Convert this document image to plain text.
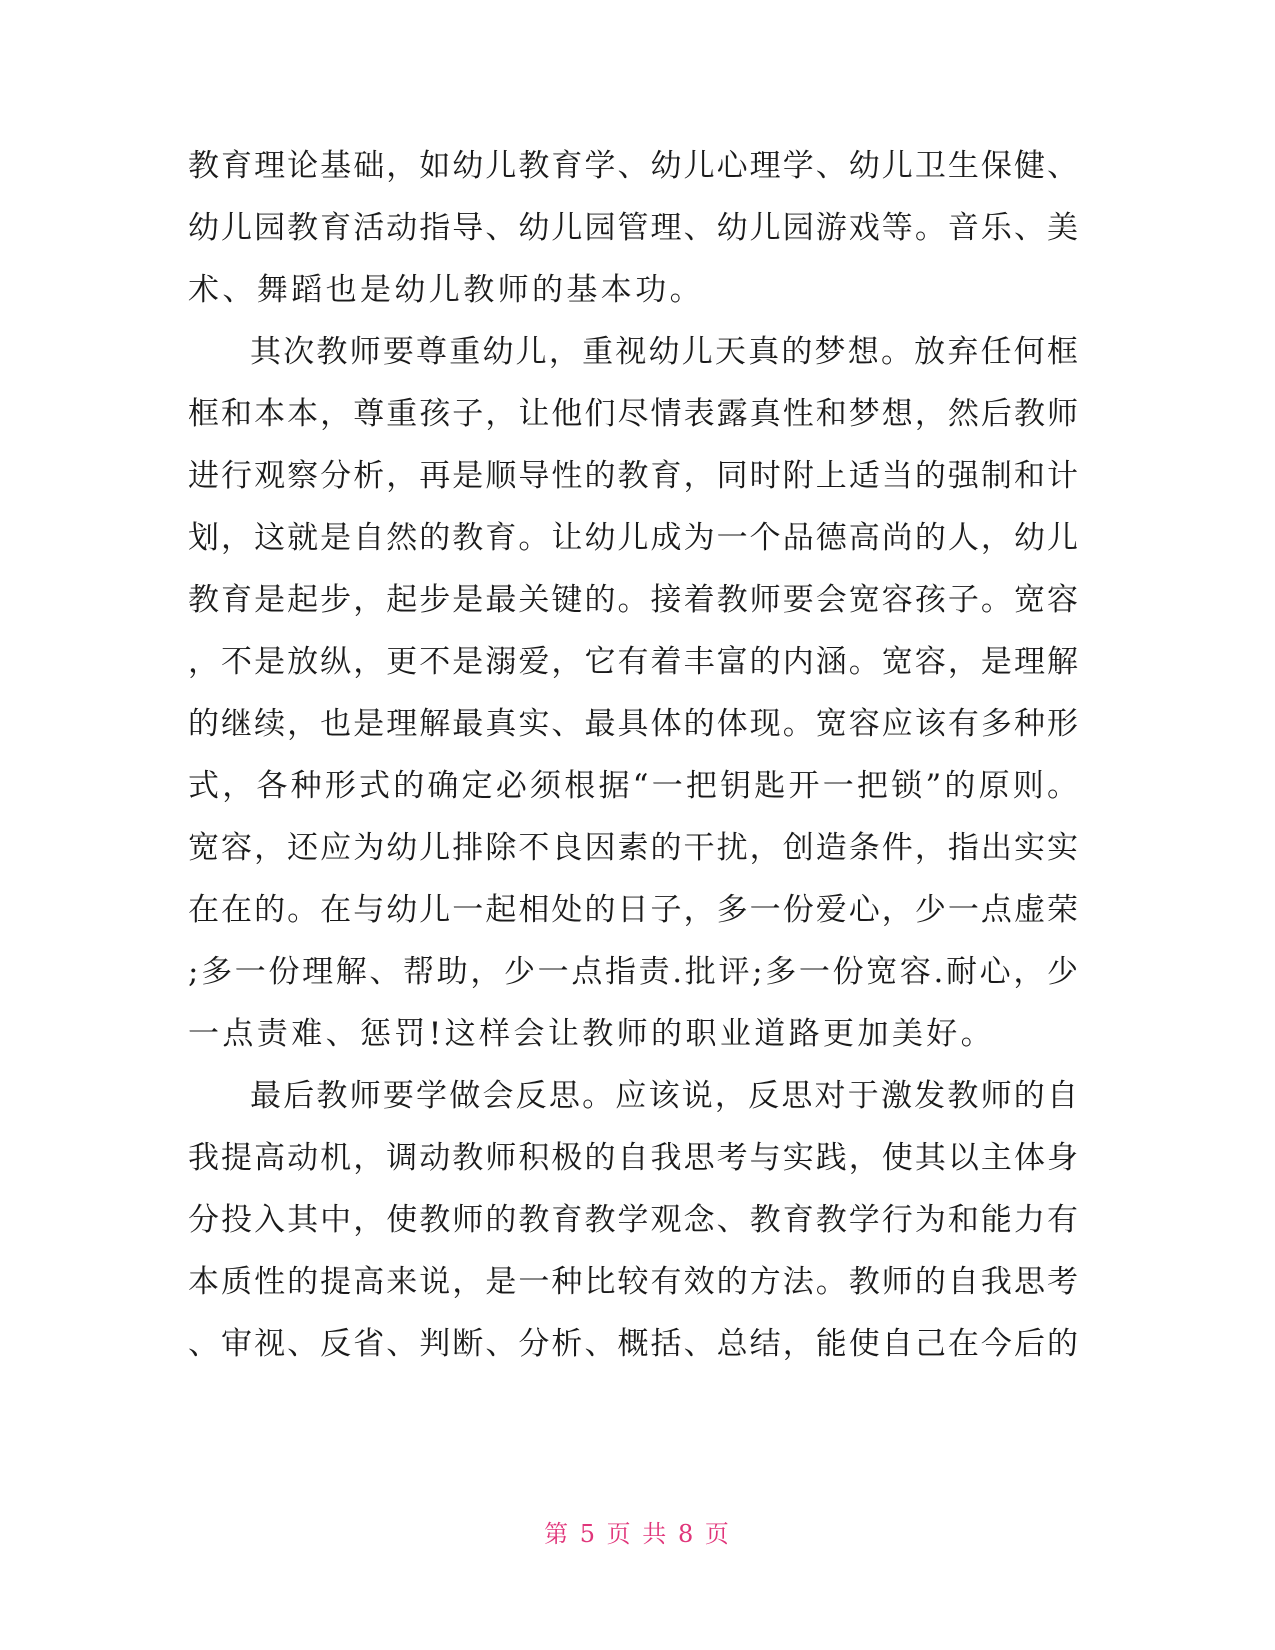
教育理论基础，如幼儿教育学、幼儿心理学、幼儿卫生保健、
幼儿园教育活动指导、幼儿园管理、幼儿园游戏等。音乐、美
术、舞蹈也是幼儿教师的基本功。
其次教师要尊重幼儿，重视幼儿天真的梦想。放弃任何框
框和本本，尊重孩子，让他们尽情表露真性和梦想，然后教师
进行观察分析，再是顺导性的教育，同时附上适当的强制和计
划，这就是自然的教育。让幼儿成为一个品德高尚的人，幼儿
教育是起步，起步是最关键的。接着教师要会宽容孩子。宽容
，不是放纵，更不是溺爱，它有着丰富的内涵。宽容，是理解
的继续，也是理解最真实、最具体的体现。宽容应该有多种形
式，各种形式的确定必须根据“一把钥匙开一把锁”的原则。
宽容，还应为幼儿排除不良因素的干扰，创造条件，指出实实
在在的。在与幼儿一起相处的日子，多一份爱心，少一点虚荣
;多一份理解、帮助，少一点指责.批评;多一份宽容.耐心，少
一点责难、惩罚!这样会让教师的职业道路更加美好。
最后教师要学做会反思。应该说，反思对于激发教师的自
我提高动机，调动教师积极的自我思考与实践，使其以主体身
分投入其中，使教师的教育教学观念、教育教学行为和能力有
本质性的提高来说，是一种比较有效的方法。教师的自我思考
、审视、反省、判断、分析、概括、总结，能使自己在今后的
第 5 页 共 8 页
